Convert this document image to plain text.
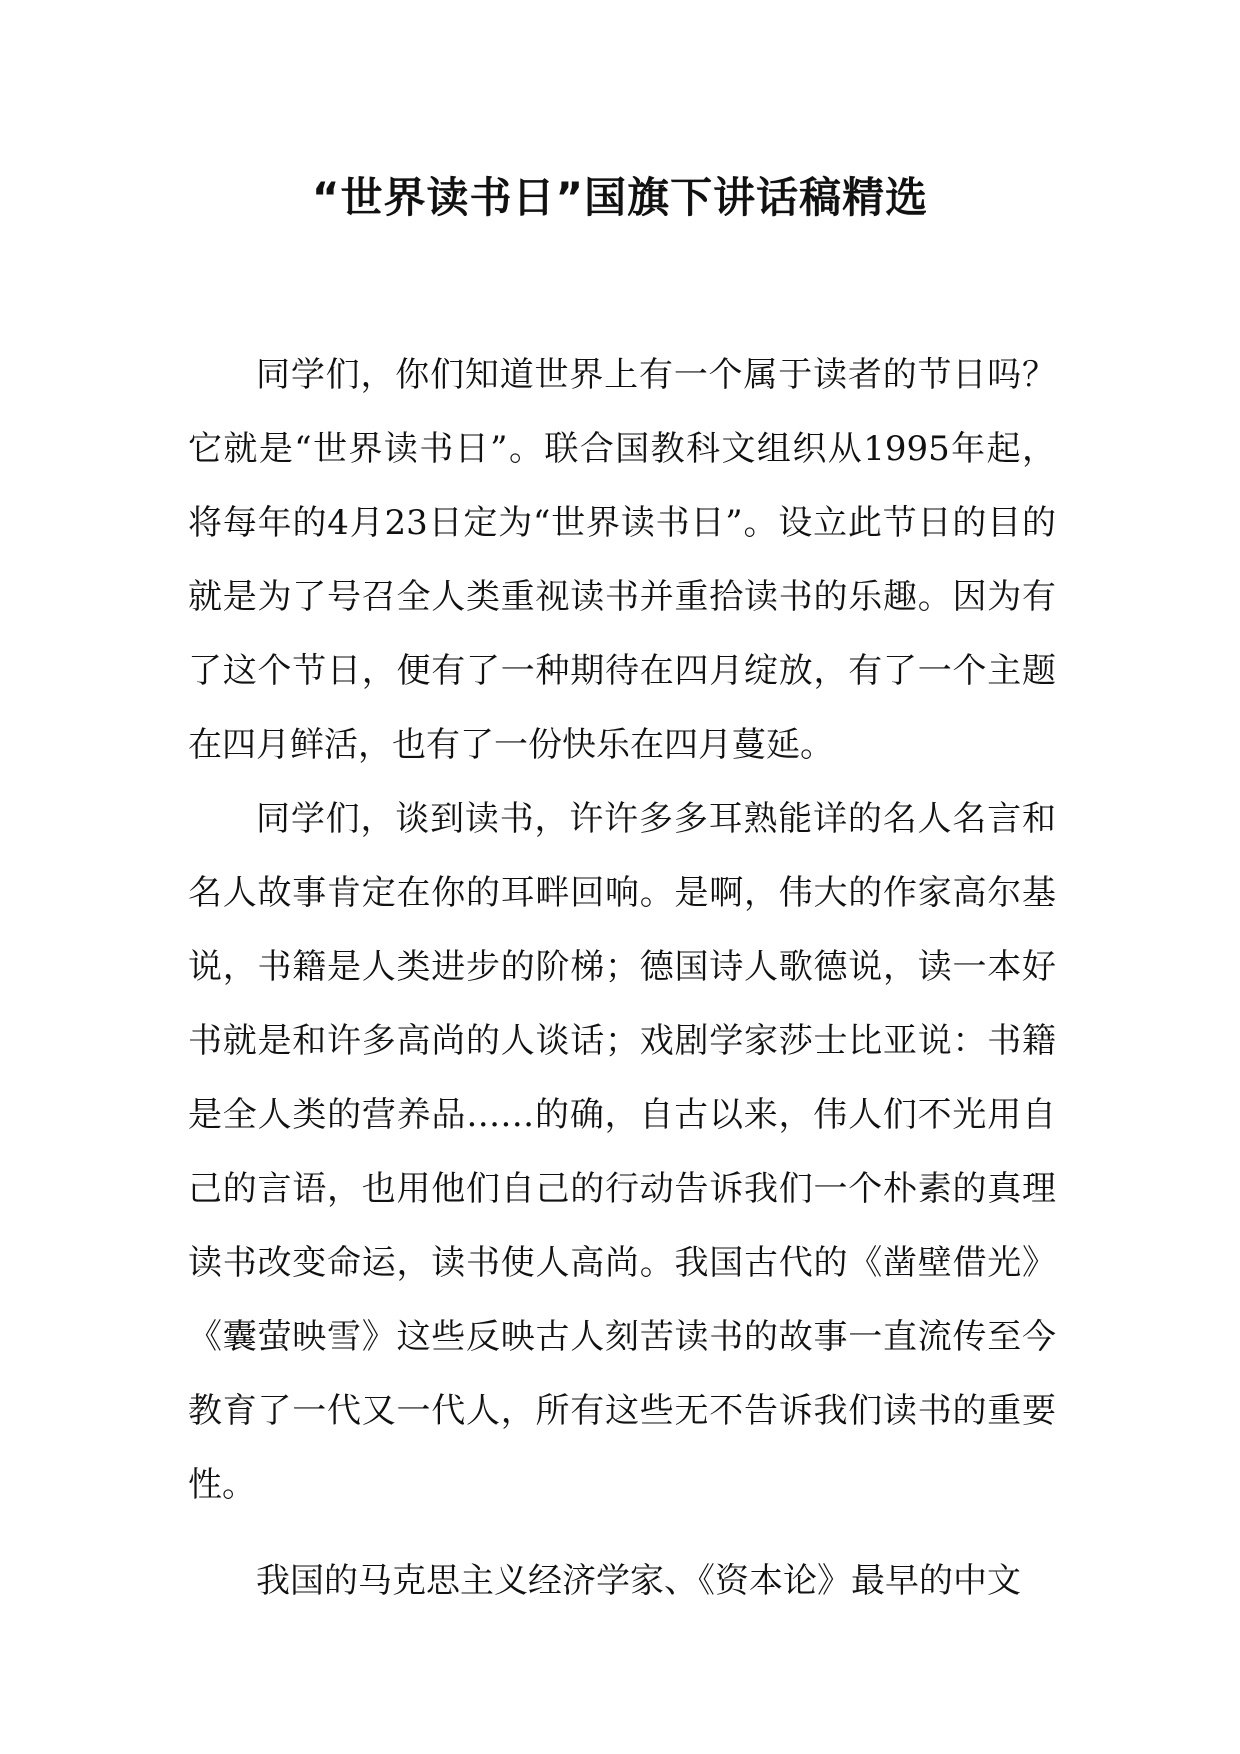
“世界读书日”国旗下讲话稿精选

同学们，你们知道世界上有一个属于读者的节日吗？它就是“世界读书日”。联合国教科文组织从1995年起，将每年的4月23日定为“世界读书日”。设立此节日的目的就是为了号召全人类重视读书并重拾读书的乐趣。因为有了这个节日，便有了一种期待在四月绽放，有了一个主题在四月鲜活，也有了一份快乐在四月蔓延。

同学们，谈到读书，许许多多耳熟能详的名人名言和名人故事肯定在你的耳畔回响。是啊，伟大的作家高尔基说，书籍是人类进步的阶梯；德国诗人歌德说，读一本好书就是和许多高尚的人谈话；戏剧学家莎士比亚说：书籍是全人类的营养品……的确，自古以来，伟人们不光用自己的言语，也用他们自己的行动告诉我们一个朴素的真理读书改变命运，读书使人高尚。我国古代的《凿壁借光》《囊萤映雪》这些反映古人刻苦读书的故事一直流传至今教育了一代又一代人，所有这些无不告诉我们读书的重要性。

我国的马克思主义经济学家、《资本论》最早的中文
